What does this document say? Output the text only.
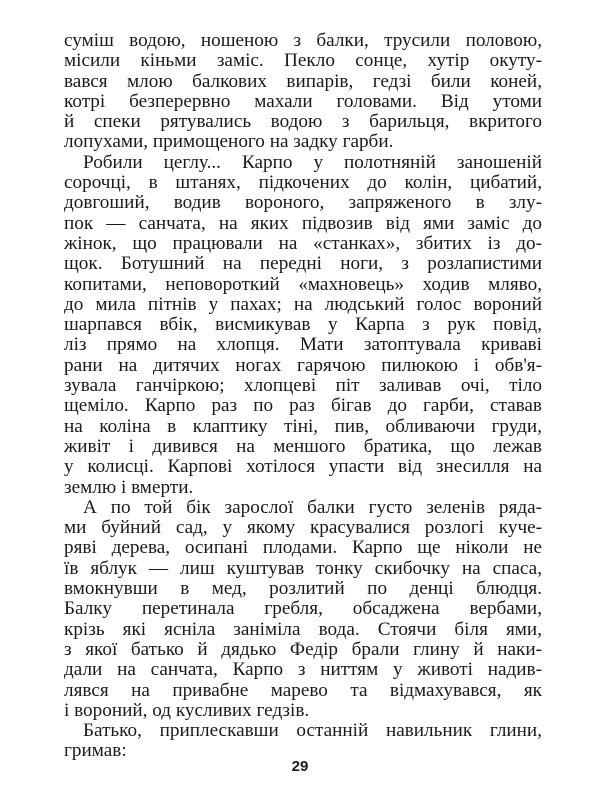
суміш водою, ношеною з балки, трусили половою,
місили кіньми заміс. Пекло сонце, хутір окуту-
вався млою балкових випарів, гедзі били коней,
котрі безперервно махали головами. Від утоми
й спеки рятувались водою з барильця, вкритого
лопухами, примощеного на задку гарби.
Робили цеглу... Карпо у полотняній заношеній
сорочці, в штанях, підкочених до колін, цибатий,
довгоший, водив вороного, запряженого в злу-
пок — санчата, на яких підвозив від ями заміс до
жінок, що працювали на «станках», збитих із до-
щок. Ботушний на передні ноги, з розлапистими
копитами, неповороткий «махновець» ходив мляво,
до мила пітнів у пахах; на людський голос вороний
шарпався вбік, висмикував у Карпа з рук повід,
ліз прямо на хлопця. Мати затоптувала криваві
рани на дитячих ногах гарячою пилюкою і обв'я-
зувала ганчіркою; хлопцеві піт заливав очі, тіло
щеміло. Карпо раз по раз бігав до гарби, ставав
на коліна в клаптику тіні, пив, обливаючи груди,
живіт і дивився на меншого братика, що лежав
у колисці. Карпові хотілося упасти від знесилля на
землю і вмерти.
А по той бік зарослої балки густо зеленів ряда-
ми буйний сад, у якому красувалися розлогі куче-
ряві дерева, осипані плодами. Карпо ще ніколи не
їв яблук — лиш куштував тонку скибочку на спаса,
вмокнувши в мед, розлитий по денці блюдця.
Балку перетинала гребля, обсаджена вербами,
крізь які ясніла заніміла вода. Стоячи біля ями,
з якої батько й дядько Федір брали глину й наки-
дали на санчата, Карпо з ниттям у животі надив-
лявся на привабне марево та відмахувався, як
і вороний, од кусливих гедзів.
Батько, приплескавши останній навильник глини,
гримав:
29
